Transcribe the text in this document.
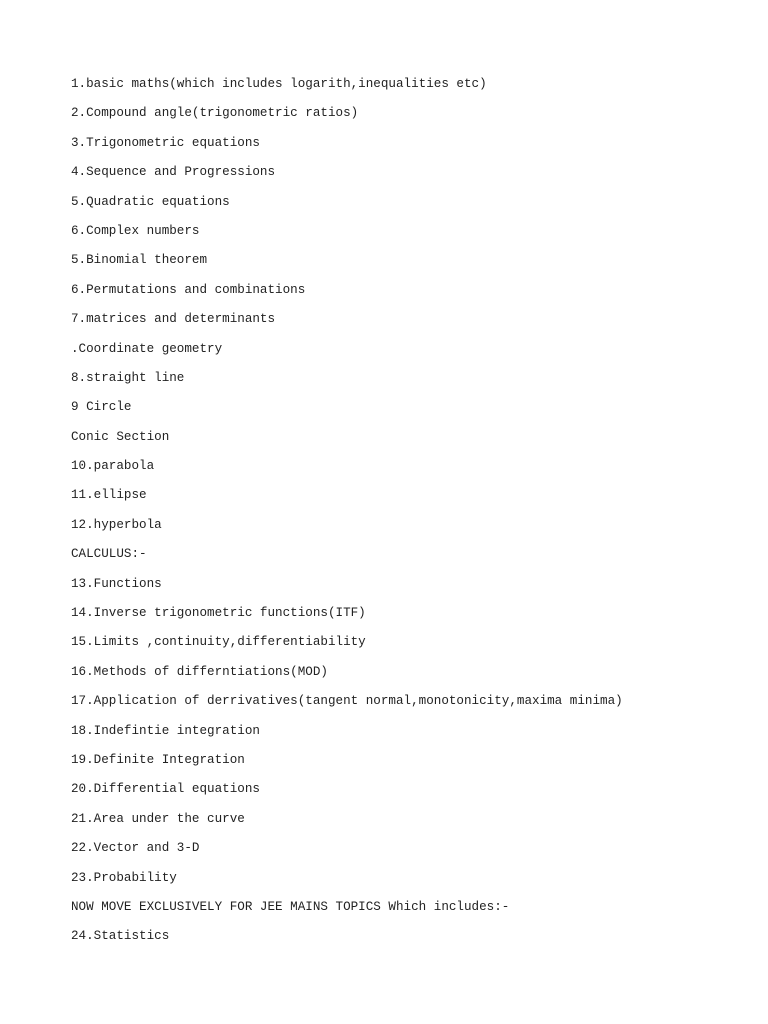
1.basic maths(which includes logarith,inequalities etc)
2.Compound angle(trigonometric ratios)
3.Trigonometric equations
4.Sequence and Progressions
5.Quadratic equations
6.Complex numbers
5.Binomial theorem
6.Permutations and combinations
7.matrices and determinants
.Coordinate geometry
8.straight line
9 Circle
Conic Section
10.parabola
11.ellipse
12.hyperbola
CALCULUS:-
13.Functions
14.Inverse trigonometric functions(ITF)
15.Limits ,continuity,differentiability
16.Methods of differntiations(MOD)
17.Application of derrivatives(tangent normal,monotonicity,maxima minima)
18.Indefintie integration
19.Definite Integration
20.Differential equations
21.Area under the curve
22.Vector and 3-D
23.Probability
NOW MOVE EXCLUSIVELY FOR JEE MAINS TOPICS Which includes:-
24.Statistics
